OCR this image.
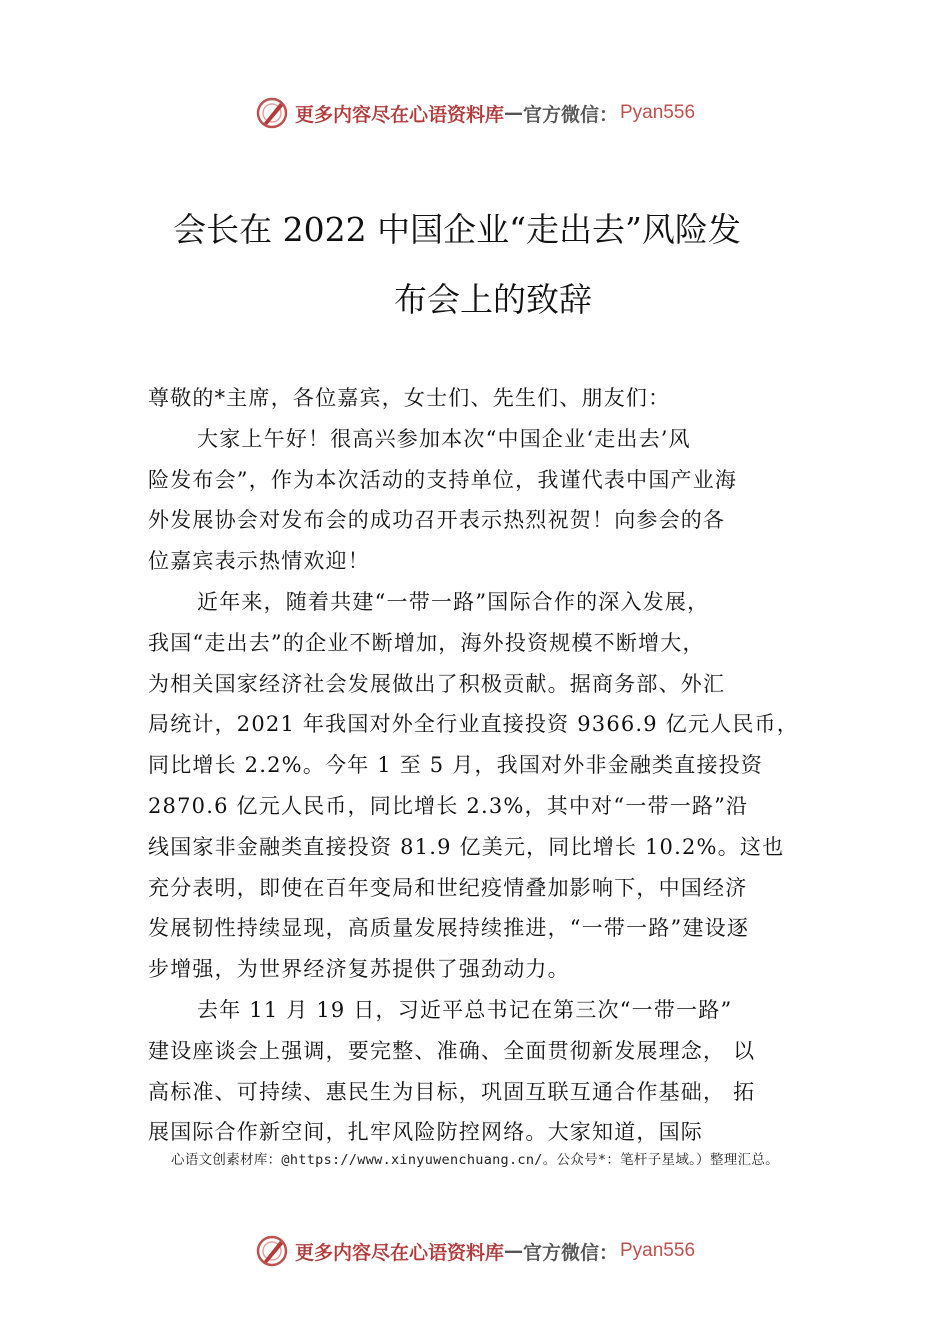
更多内容尽在心语资料库 — 官方微信： Pyan556
会长在 2022 中国企业“走出去”风险发
布会上的致辞
尊敬的*主席，各位嘉宾，女士们、先生们、朋友们：
大家上午好！很高兴参加本次“中国企业‘走出去’风
险发布会”，作为本次活动的支持单位，我谨代表中国产业海
外发展协会对发布会的成功召开表示热烈祝贺！向参会的各
位嘉宾表示热情欢迎！
近年来，随着共建“一带一路”国际合作的深入发展，
我国“走出去”的企业不断增加，海外投资规模不断增大，
为相关国家经济社会发展做出了积极贡献。据商务部、外汇
局统计，2021 年我国对外全行业直接投资 9366.9 亿元人民币，
同比增长 2.2%。今年 1 至 5 月，我国对外非金融类直接投资
2870.6 亿元人民币，同比增长 2.3%，其中对“一带一路”沿
线国家非金融类直接投资 81.9 亿美元，同比增长 10.2%。这也
充分表明，即使在百年变局和世纪疫情叠加影响下，中国经济
发展韧性持续显现，高质量发展持续推进，“一带一路”建设逐
步增强，为世界经济复苏提供了强劲动力。
去年 11 月 19 日，习近平总书记在第三次“一带一路”
建设座谈会上强调，要完整、准确、全面贯彻新发展理念， 以
高标准、可持续、惠民生为目标，巩固互联互通合作基础， 拓
展国际合作新空间，扎牢风险防控网络。大家知道，国际
心语文创素材库：@https://www.xinyuwenchuang.cn/。公众号*：笔杆子星域。）整理汇总。
更多内容尽在心语资料库 — 官方微信： Pyan556
